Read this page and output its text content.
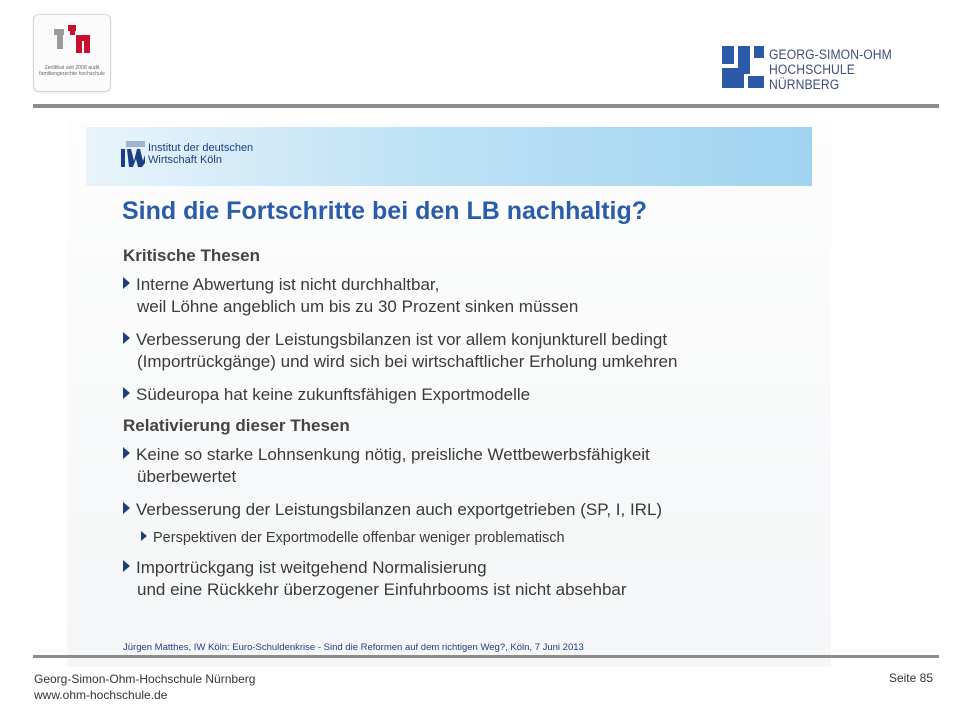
Zertifikat seit 2008 audit familiengerechte hochschule
GEORG-SIMON-OHM
HOCHSCHULE NÜRNBERG
Institut der deutschen
Wirtschaft Köln
Sind die Fortschritte bei den LB nachhaltig?
Kritische Thesen
Interne Abwertung ist nicht durchhaltbar,
weil Löhne angeblich um bis zu 30 Prozent sinken müssen
Verbesserung der Leistungsbilanzen ist vor allem konjunkturell bedingt
(Importrückgänge) und wird sich bei wirtschaftlicher Erholung umkehren
Südeuropa hat keine zukunftsfähigen Exportmodelle
Relativierung dieser Thesen
Keine so starke Lohnsenkung nötig, preisliche Wettbewerbsfähigkeit
überbewertet
Verbesserung der Leistungsbilanzen auch exportgetrieben (SP, I, IRL)
Perspektiven der Exportmodelle offenbar weniger problematisch
Importrückgang ist weitgehend Normalisierung
und eine Rückkehr überzogener Einfuhrbooms ist nicht absehbar
Jürgen Matthes, IW Köln: Euro-Schuldenkrise - Sind die Reformen auf dem richtigen Weg?, Köln, 7 Juni 2013
Georg-Simon-Ohm-Hochschule Nürnberg
www.ohm-hochschule.de
Seite 85
